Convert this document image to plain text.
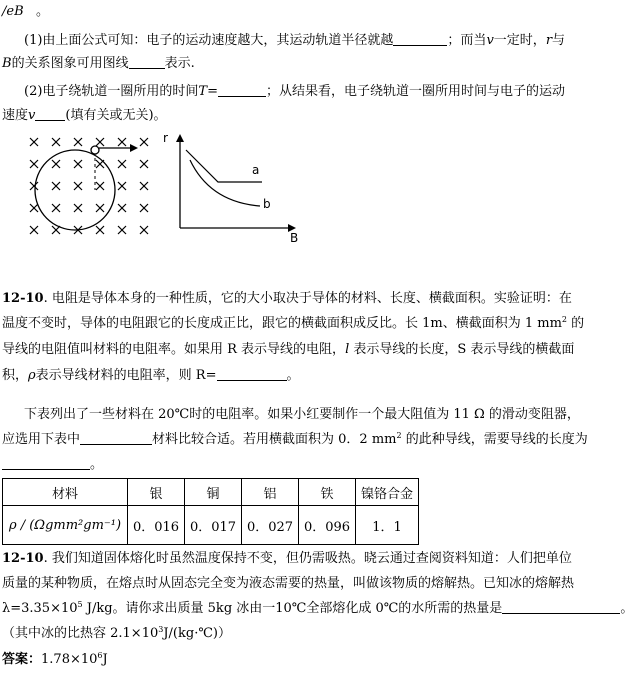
/eB 。
(1)由上面公式可知：电子的运动速度越大，其运动轨道半径就越	；而当v一定时，r与
B的关系图象可用图线	表示.
(2)电子绕轨道一圈所用的时间T=	；从结果看，电子绕轨道一圈所用时间与电子的运动
速度v (填有关或无关)。
r
B
a
b
12-10. 电阻是导体本身的一种性质，它的大小取决于导体的材料、长度、横截面积。实验证明：在
温度不变时，导体的电阻跟它的长度成正比，跟它的横截面积成反比。长 1m、横截面积为 1 $mm^2$ 的
导线的电阻值叫材料的电阻率。如果用 R 表示导线的电阻，l 表示导线的长度，S 表示导线的横截面
积，ρ表示导线材料的电阻率，则 R=	。
下表列出了一些材料在 20℃时的电阻率。如果小红要制作一个最大阻值为 11 Ω 的滑动变阻器，
应选用下表中	材料比较合适。若用横截面积为 0．2 $mm^2$ 的此种导线，需要导线的长度为
。
材料	银	铜	铝	铁	镍铬合金
ρ / (Ωgmm²gm⁻¹)	0．016	0．017	0．027	0．096	1．1
12-10. 我们知道固体熔化时虽然温度保持不变，但仍需吸热。晓云通过查阅资料知道：人们把单位
质量的某种物质，在熔点时从固态完全变为液态需要的热量，叫做该物质的熔解热。已知冰的熔解热
$\lambda=3.35\times 10^5$ J/kg。请你求出质量 5kg 冰由一10℃全部熔化成 0℃的水所需的热量是	。
（其中冰的比热容 $2.1\times 10^3J/(kg\cdot℃)$）
答案：$1.78\times 10^6J$
